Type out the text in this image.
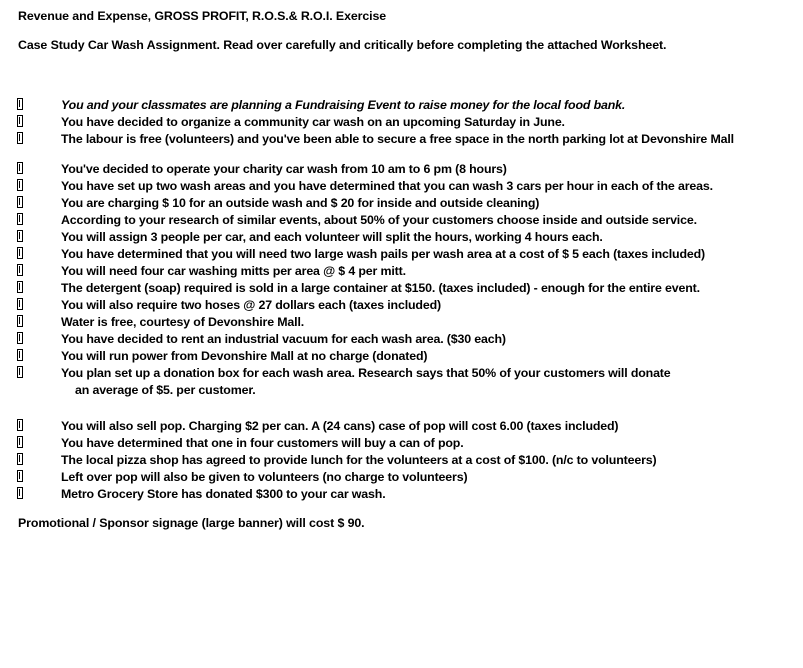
Revenue and Expense, GROSS PROFIT, R.O.S.& R.O.I. Exercise
Case Study Car Wash Assignment. Read over carefully and critically before completing the attached Worksheet.
You and your classmates are planning a Fundraising Event to raise money for the local food bank.
You have decided to organize a community car wash on an upcoming Saturday in June.
The labour is free (volunteers) and you've been able to secure a free space in the north parking lot at Devonshire Mall
You've decided to operate your charity car wash from 10 am to 6 pm (8 hours)
You have set up two wash areas and you have determined that you can wash 3 cars per hour in each of the areas.
You are charging $ 10 for an outside wash and $ 20 for inside and outside cleaning)
According to your research of similar events, about 50% of your customers choose inside and outside service.
You will assign 3 people per car, and each volunteer will split the hours, working 4 hours each.
You have determined that you will need two large wash pails per wash area at a cost of $ 5 each (taxes included)
You will need four car washing mitts per area @ $ 4 per mitt.
The detergent (soap) required is sold in a large container at $150. (taxes included) - enough for the entire event.
You will also require two hoses @ 27 dollars each (taxes included)
Water is free, courtesy of Devonshire Mall.
You have decided to rent an industrial vacuum for each wash area. ($30 each)
You will run power from Devonshire Mall at no charge (donated)
You plan set up a donation box for each wash area. Research says that 50% of your customers will donate
an average of $5. per customer.
You will also sell pop. Charging $2 per can. A (24 cans) case of pop will cost 6.00 (taxes included)
You have determined that one in four customers will buy a can of pop.
The local pizza shop has agreed to provide lunch for the volunteers at a cost of $100. (n/c to volunteers)
Left over pop will also be given to volunteers (no charge to volunteers)
Metro Grocery Store has donated $300 to your car wash.
Promotional / Sponsor signage (large banner) will cost $ 90.
